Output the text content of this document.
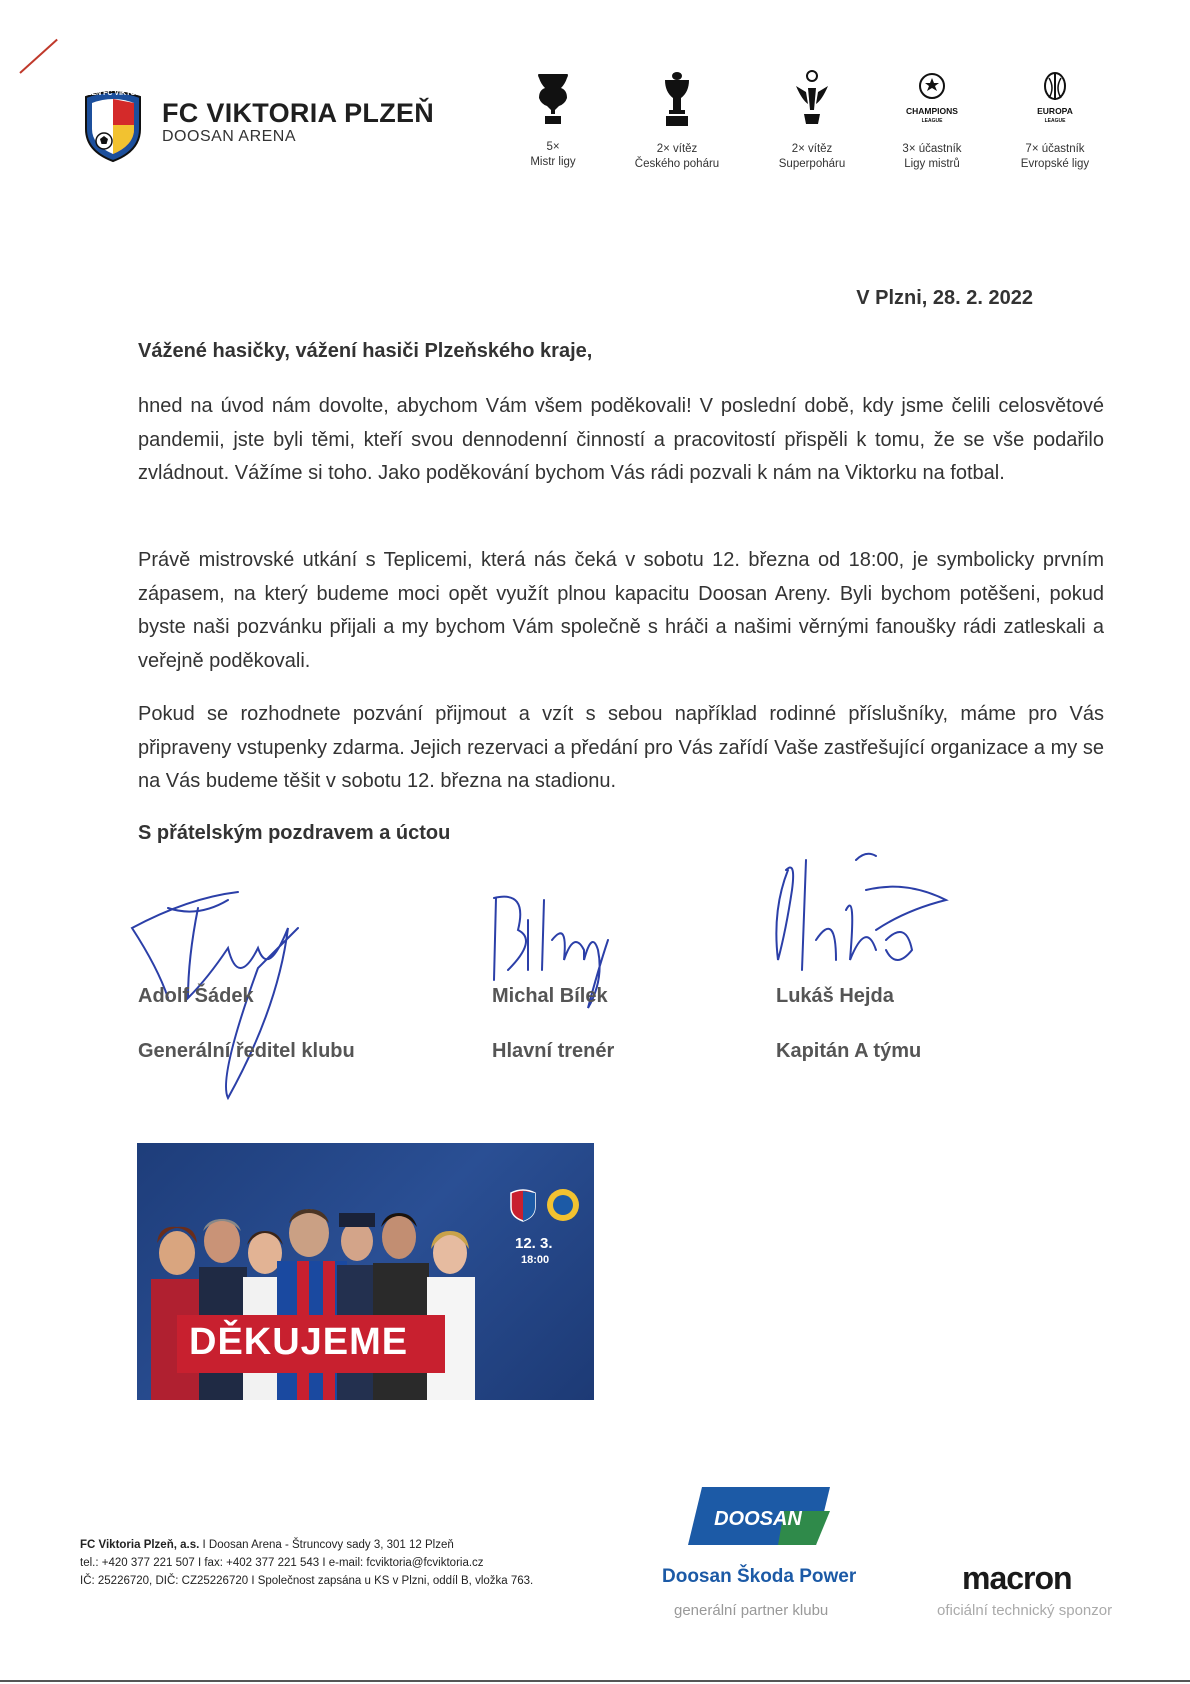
PLZEŇ FC VIKTORIA
FC VIKTORIA PLZEŇ
DOOSAN ARENA
5×
Mistr ligy
2× vítěz
Českého poháru
2× vítěz
Superpoháru
CHAMPIONS
LEAGUE
3× účastník
Ligy mistrů
EUROPA
LEAGUE
7× účastník
Evropské ligy
V Plzni, 28. 2. 2022
Vážené hasičky, vážení hasiči Plzeňského kraje,

hned na úvod nám dovolte, abychom Vám všem poděkovali! V poslední době, kdy jsme čelili celosvětové pandemii, jste byli těmi, kteří svou dennodenní činností a pracovitostí přispěli k tomu, že se vše podařilo zvládnout. Vážíme si toho. Jako poděkování bychom Vás rádi pozvali k nám na Viktorku na fotbal.

Právě mistrovské utkání s Teplicemi, která nás čeká v sobotu 12. března od 18:00, je symbolicky prvním zápasem, na který budeme moci opět využít plnou kapacitu Doosan Areny. Byli bychom potěšeni, pokud byste naši pozvánku přijali a my bychom Vám společně s hráči a našimi věrnými fanoušky rádi zatleskali a veřejně poděkovali.

Pokud se rozhodnete pozvání přijmout a vzít s sebou například rodinné příslušníky, máme pro Vás připraveny vstupenky zdarma. Jejich rezervaci a předání pro Vás zařídí Vaše zastřešující organizace a my se na Vás budeme těšit v sobotu 12. března na stadionu.

S přátelským pozdravem a úctou
Adolf Šádek
Generální ředitel klubu
Michal Bílek
Hlavní trenér
Lukáš Hejda
Kapitán A týmu
12. 3.
18:00
DĚKUJEME
FC Viktoria Plzeň, a.s. I Doosan Arena - Štruncovy sady 3, 301 12 Plzeň
tel.: +420 377 221 507 I fax: +402 377 221 543 I e-mail: fcviktoria@fcviktoria.cz
IČ: 25226720, DIČ: CZ25226720 I Společnost zapsána u KS v Plzni, oddíl B, vložka 763.
DOOSAN
Doosan Škoda Power
generální partner klubu
macron
oficiální technický sponzor
